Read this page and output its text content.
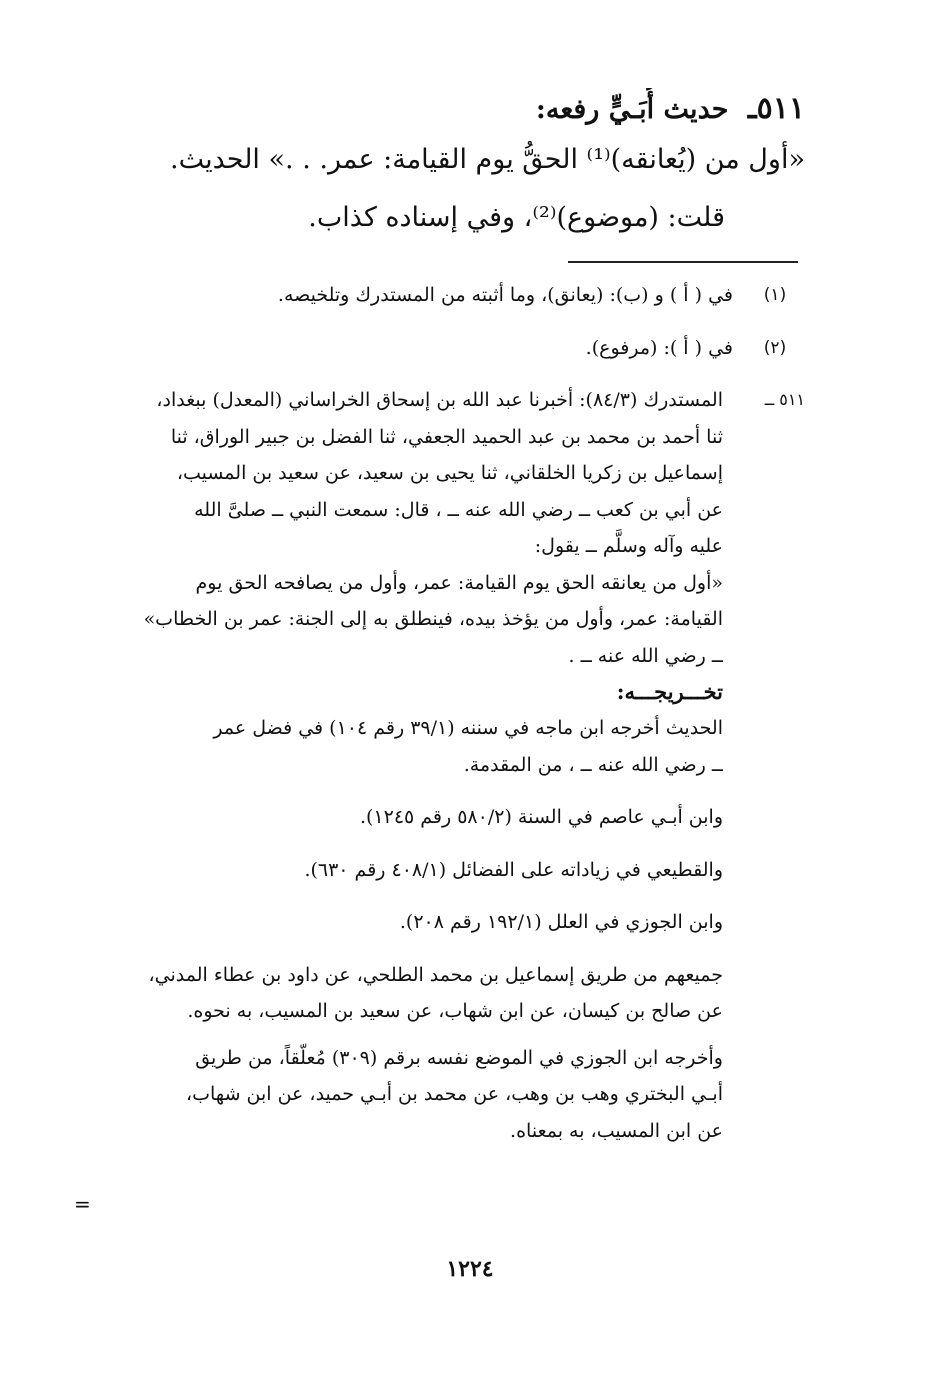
٥١١ـ حديث أُبَـيٍّ رفعه:
«أول من (يُعانقه)⁽¹⁾ الحقُّ يوم القيامة: عمر. . .» الحديث.
قلت: (موضوع)⁽²⁾، وفي إسناده كذاب.
(١)
في ( أ ) و (ب): (يعانق)، وما أثبته من المستدرك وتلخيصه.
(٢)
في ( أ ): (مرفوع).
٥١١ ــ
المستدرك (٨٤/٣): أخبرنا عبد الله بن إسحاق الخراساني (المعدل) ببغداد،
ثنا أحمد بن محمد بن عبد الحميد الجعفي، ثنا الفضل بن جبير الوراق، ثنا
إسماعيل بن زكريا الخلقاني، ثنا يحيى بن سعيد، عن سعيد بن المسيب،
عن أبي بن كعب ــ رضي الله عنه ــ ، قال: سمعت النبي ــ صلىَّ الله
عليه وآله وسلَّم ــ يقول:
«أول من يعانقه الحق يوم القيامة: عمر، وأول من يصافحه الحق يوم
القيامة: عمر، وأول من يؤخذ بيده، فينطلق به إلى الجنة: عمر بن الخطاب»
ــ رضي الله عنه ــ .
تخـــريجـــه:
الحديث أخرجه ابن ماجه في سننه (٣٩/١ رقم ١٠٤) في فضل عمر
ــ رضي الله عنه ــ ، من المقدمة.
وابن أبـي عاصم في السنة (٥٨٠/٢ رقم ١٢٤٥).
والقطيعي في زياداته على الفضائل (٤٠٨/١ رقم ٦٣٠).
وابن الجوزي في العلل (١٩٢/١ رقم ٢٠٨).
جميعهم من طريق إسماعيل بن محمد الطلحي، عن داود بن عطاء المدني،
عن صالح بن كيسان، عن ابن شهاب، عن سعيد بن المسيب، به نحوه.
وأخرجه ابن الجوزي في الموضع نفسه برقم (٣٠٩) مُعلّقاً، من طريق
أبـي البختري وهب بن وهب، عن محمد بن أبـي حميد، عن ابن شهاب،
عن ابن المسيب، به بمعناه.
=
١٢٢٤
